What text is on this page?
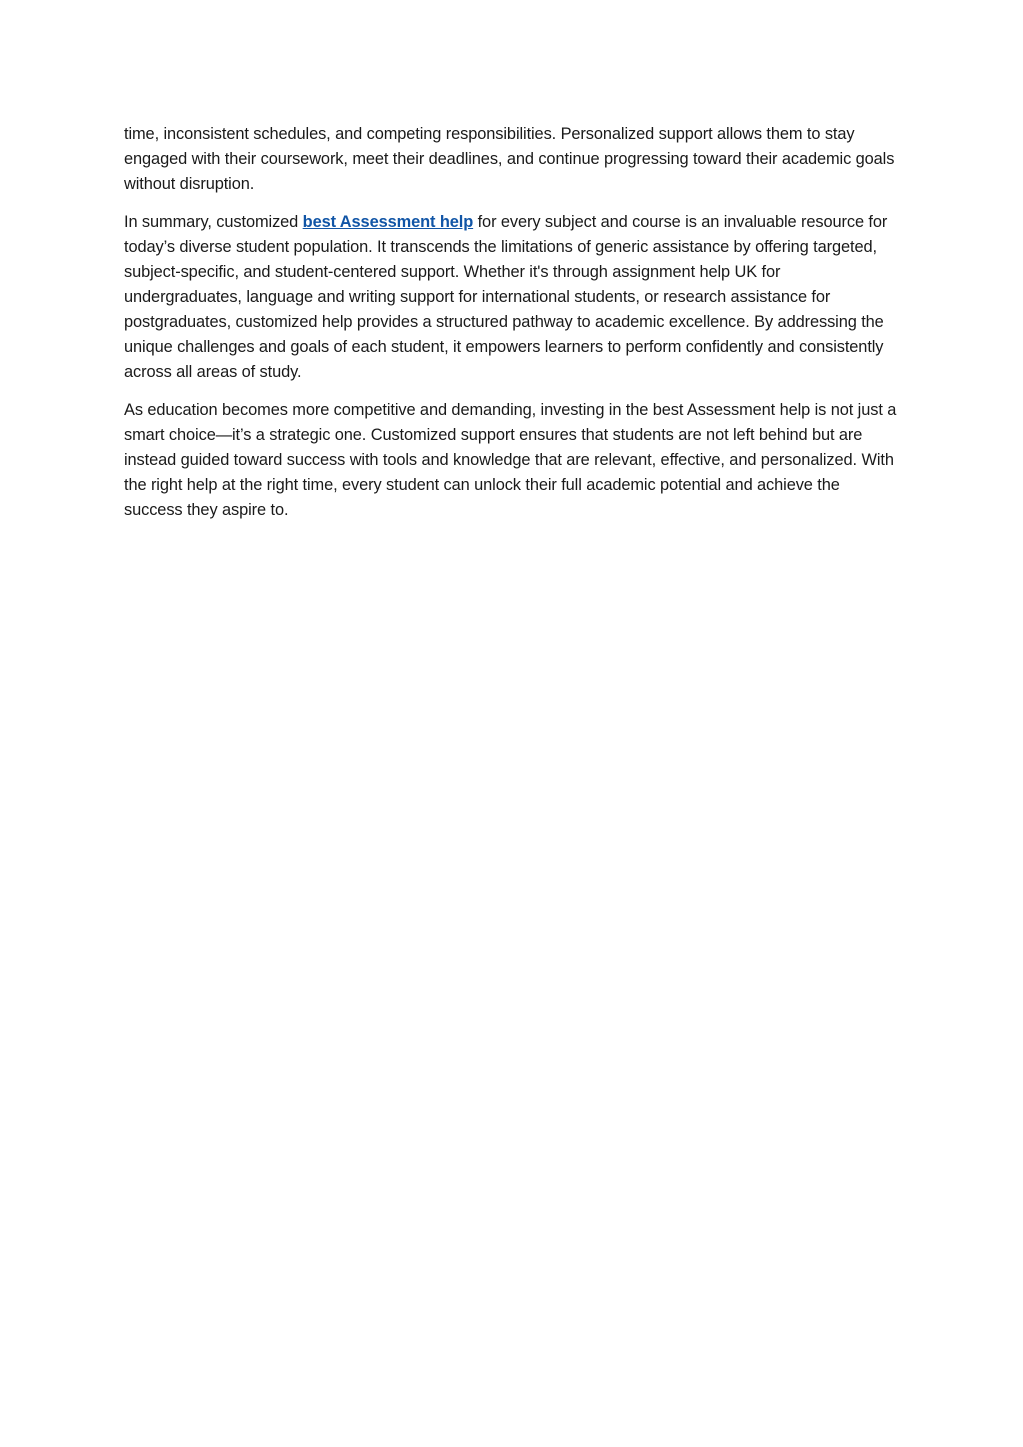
time, inconsistent schedules, and competing responsibilities. Personalized support allows them to stay engaged with their coursework, meet their deadlines, and continue progressing toward their academic goals without disruption.

In summary, customized best Assessment help for every subject and course is an invaluable resource for today’s diverse student population. It transcends the limitations of generic assistance by offering targeted, subject-specific, and student-centered support. Whether it's through assignment help UK for undergraduates, language and writing support for international students, or research assistance for postgraduates, customized help provides a structured pathway to academic excellence. By addressing the unique challenges and goals of each student, it empowers learners to perform confidently and consistently across all areas of study.

As education becomes more competitive and demanding, investing in the best Assessment help is not just a smart choice—it’s a strategic one. Customized support ensures that students are not left behind but are instead guided toward success with tools and knowledge that are relevant, effective, and personalized. With the right help at the right time, every student can unlock their full academic potential and achieve the success they aspire to.
